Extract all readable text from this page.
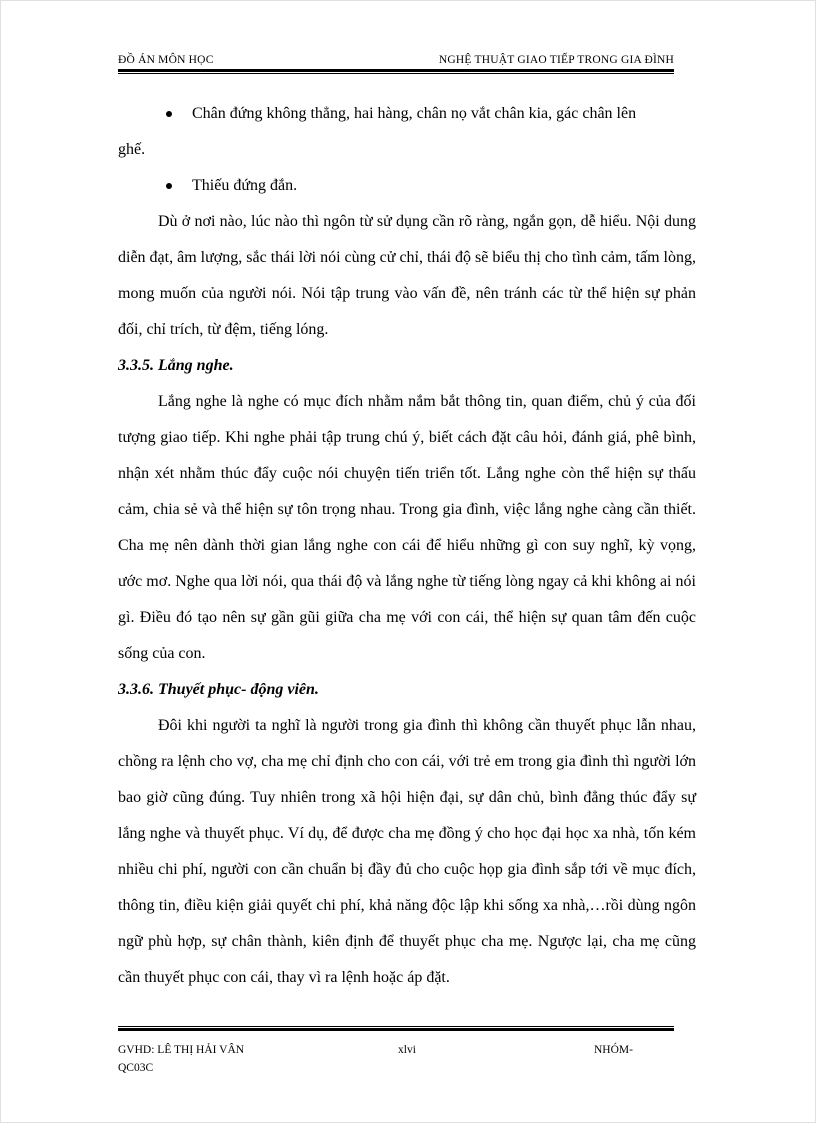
ĐỒ ÁN MÔN HỌC	NGHỆ THUẬT GIAO TIẾP TRONG GIA ĐÌNH

Chân đứng không thẳng, hai hàng, chân nọ vắt chân kia, gác chân lên

ghế.

Thiếu đứng đắn.

Dù ở nơi nào, lúc nào thì ngôn từ sử dụng cần rõ ràng, ngắn gọn, dễ hiểu. Nội dung diễn đạt, âm lượng, sắc thái lời nói cùng cử chỉ, thái độ sẽ biểu thị cho tình cảm, tấm lòng, mong muốn của người nói. Nói tập trung vào vấn đề, nên tránh các từ thể hiện sự phản đối, chỉ trích, từ đệm, tiếng lóng.

3.3.5. Lắng nghe.

Lắng nghe là nghe có mục đích nhằm nắm bắt thông tin, quan điểm, chủ ý của đối tượng giao tiếp. Khi nghe phải tập trung chú ý, biết cách đặt câu hỏi, đánh giá, phê bình, nhận xét nhằm thúc đẩy cuộc nói chuyện tiến triển tốt. Lắng nghe còn thể hiện sự thấu cảm, chia sẻ và thể hiện sự tôn trọng nhau. Trong gia đình, việc lắng nghe càng cần thiết. Cha mẹ nên dành thời gian lắng nghe con cái để hiểu những gì con suy nghĩ, kỳ vọng, ước mơ. Nghe qua lời nói, qua thái độ và lắng nghe từ tiếng lòng ngay cả khi không ai nói gì. Điều đó tạo nên sự gần gũi giữa cha mẹ với con cái, thể hiện sự quan tâm đến cuộc sống của con.

3.3.6. Thuyết phục- động viên.

Đôi khi người ta nghĩ là người trong gia đình thì không cần thuyết phục lẫn nhau, chồng ra lệnh cho vợ, cha mẹ chỉ định cho con cái, với trẻ em trong gia đình thì người lớn bao giờ cũng đúng. Tuy nhiên trong xã hội hiện đại, sự dân chủ, bình đẳng thúc đẩy sự lắng nghe và thuyết phục. Ví dụ, để được cha mẹ đồng ý cho học đại học xa nhà, tốn kém nhiều chi phí, người con cần chuẩn bị đầy đủ cho cuộc họp gia đình sắp tới về mục đích, thông tin, điều kiện giải quyết chi phí, khả năng độc lập khi sống xa nhà,…rồi dùng ngôn ngữ phù hợp, sự chân thành, kiên định để thuyết phục cha mẹ. Ngược lại, cha mẹ cũng cần thuyết phục con cái, thay vì ra lệnh hoặc áp đặt.

GVHD: LÊ THỊ HẢI VÂN	xlvi	NHÓM-
QC03C
